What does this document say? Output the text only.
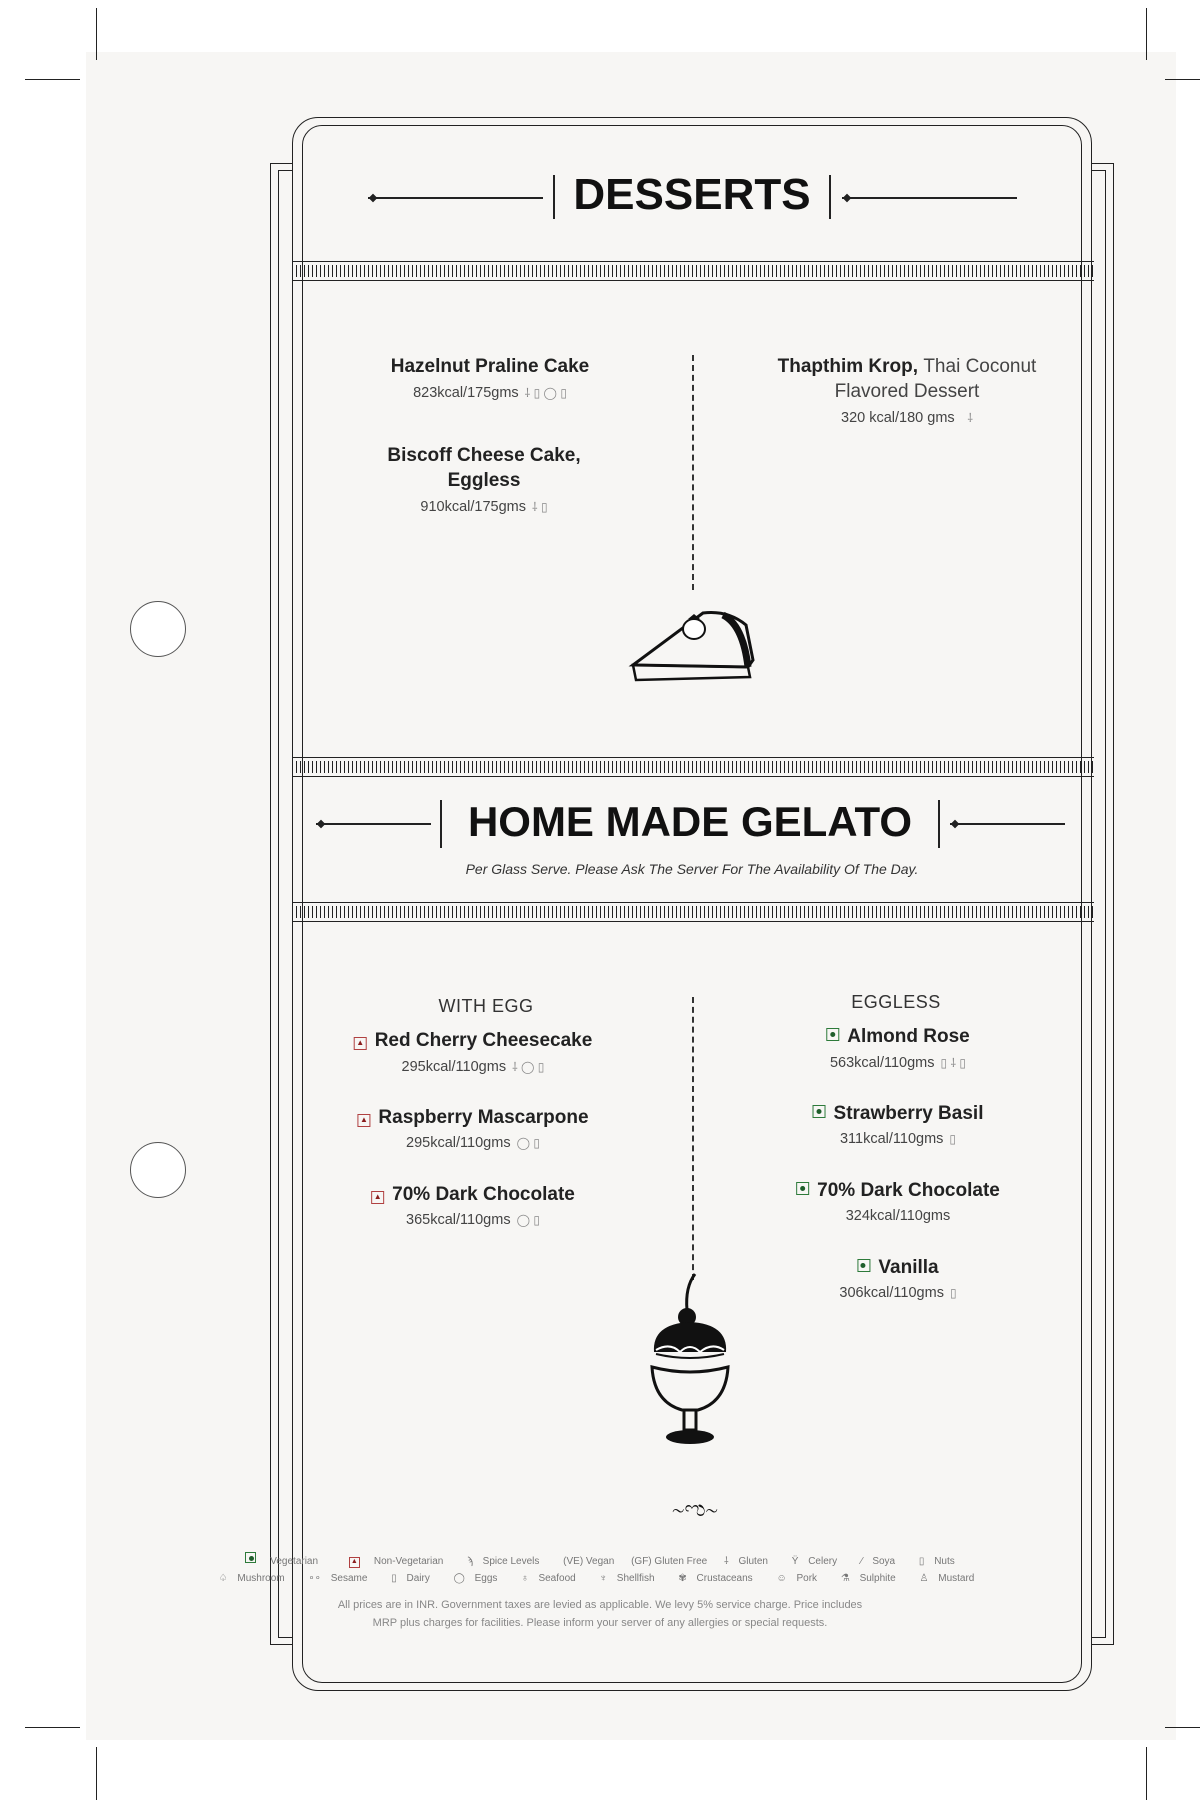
DESSERTS
Hazelnut Praline Cake
823kcal/175gms ⸸ ▯ ◯ ▯
Biscoff Cheese Cake,
Eggless
910kcal/175gms ⸸ ▯
Thapthim Krop, Thai Coconut
Flavored Dessert
320 kcal/180 gms  ⸸
HOME MADE GELATO
Per Glass Serve. Please Ask The Server For The Availability Of The Day.
WITH EGG	EGGLESS
▲ Red Cherry Cheesecake
295kcal/110gms ⸸ ◯ ▯
▲ Raspberry Mascarpone
295kcal/110gms ◯ ▯
▲ 70% Dark Chocolate
365kcal/110gms ◯ ▯
Almond Rose
563kcal/110gms ▯ ⸸ ▯
Strawberry Basil
311kcal/110gms ▯
70% Dark Chocolate
324kcal/110gms
Vanilla
306kcal/110gms ▯
∼ಌ∼
Vegetarian	▲ Non-Vegetarian ϡ Spice Levels (VE) Vegan (GF) Gluten Free ⸸ Gluten Ÿ Celery ∕ Soya ▯ Nuts
♤ Mushroom ∘∘ Sesame ▯ Dairy ◯ Eggs ♁ Seafood ♆ Shellfish ✾ Crustaceans ☺ Pork ⚗ Sulphite ♙ Mustard
All prices are in INR. Government taxes are levied as applicable. We levy 5% service charge. Price includes
MRP plus charges for facilities. Please inform your server of any allergies or special requests.
